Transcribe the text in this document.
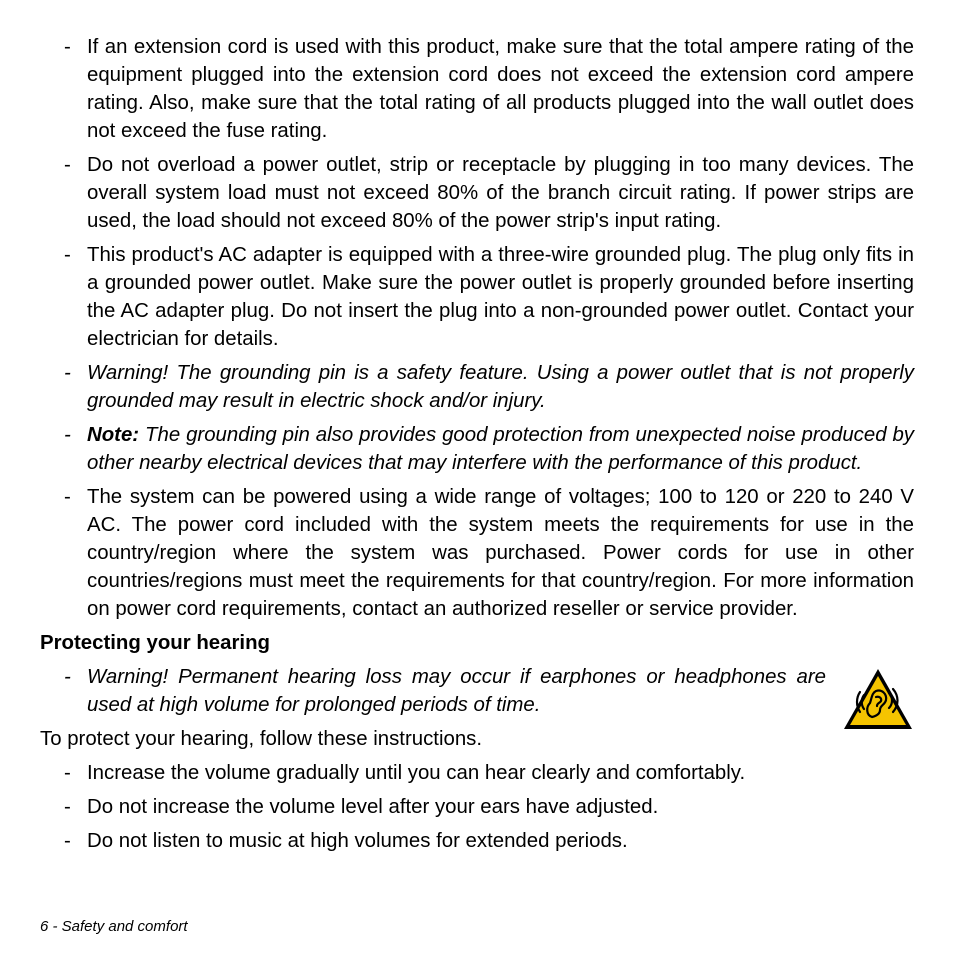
- If an extension cord is used with this product, make sure that the total ampere rating of the equipment plugged into the extension cord does not exceed the extension cord ampere rating. Also, make sure that the total rating of all products plugged into the wall outlet does not exceed the fuse rating.
- Do not overload a power outlet, strip or receptacle by plugging in too many devices. The overall system load must not exceed 80% of the branch circuit rating. If power strips are used, the load should not exceed 80% of the power strip's input rating.
- This product's AC adapter is equipped with a three-wire grounded plug. The plug only fits in a grounded power outlet. Make sure the power outlet is properly grounded before inserting the AC adapter plug. Do not insert the plug into a non-grounded power outlet. Contact your electrician for details.
- Warning! The grounding pin is a safety feature. Using a power outlet that is not properly grounded may result in electric shock and/or injury.
- Note: The grounding pin also provides good protection from unexpected noise produced by other nearby electrical devices that may interfere with the performance of this product.
- The system can be powered using a wide range of voltages; 100 to 120 or 220 to 240 V AC. The power cord included with the system meets the requirements for use in the country/region where the system was purchased. Power cords for use in other countries/regions must meet the requirements for that country/region. For more information on power cord requirements, contact an authorized reseller or service provider.
Protecting your hearing
- Warning! Permanent hearing loss may occur if earphones or headphones are used at high volume for prolonged periods of time.

To protect your hearing, follow these instructions.

- Increase the volume gradually until you can hear clearly and comfortably.
- Do not increase the volume level after your ears have adjusted.
- Do not listen to music at high volumes for extended periods.
6 - Safety and comfort
